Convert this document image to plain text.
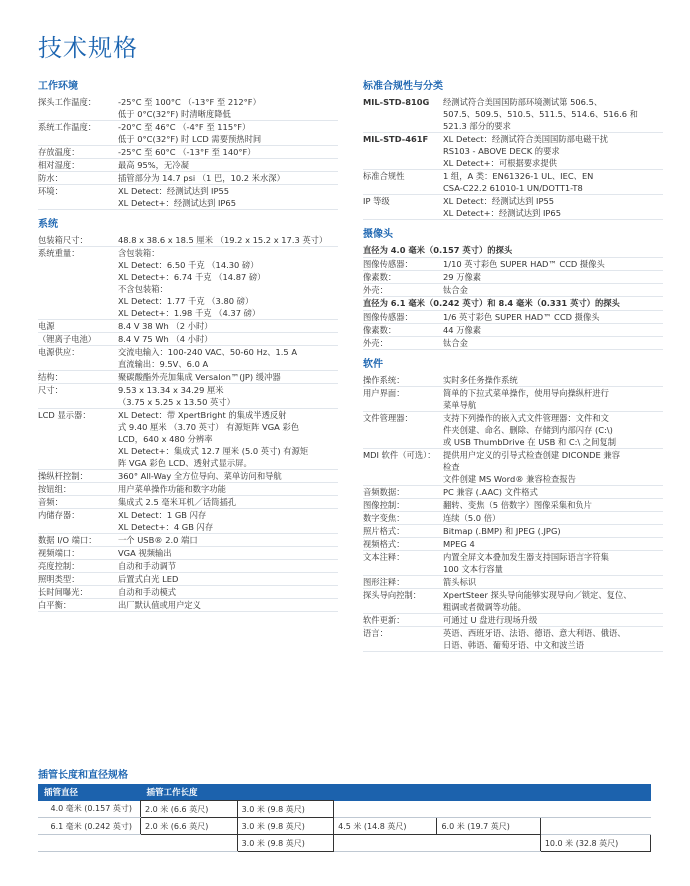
技术规格
工作环境
探头工作温度：	-25°C 至 100°C （-13°F 至 212°F）
低于 0°C(32°F) 时清晰度降低
系统工作温度：	-20°C 至 46°C （-4°F 至 115°F）
低于 0°C(32°F) 时 LCD 需要预热时间
存放温度：	-25°C 至 60°C （-13°F 至 140°F）
相对湿度：	最高 95%，无冷凝
防水：	插管部分为 14.7 psi （1 巴，10.2 米水深）
环境：	XL Detect：经测试达到 IP55
XL Detect+：经测试达到 IP65
系统
包装箱尺寸：	48.8 x 38.6 x 18.5 厘米 （19.2 x 15.2 x 17.3 英寸）
系统重量：	含包装箱：
XL Detect：6.50 千克 （14.30 磅）
XL Detect+：6.74 千克 （14.87 磅）
不含包装箱：
XL Detect：1.77 千克 （3.80 磅）
XL Detect+：1.98 千克 （4.37 磅）
电源	8.4 V 38 Wh （2 小时）
（锂离子电池）	8.4 V 75 Wh （4 小时）
电源供应：	交流电输入：100-240 VAC、50-60 Hz、1.5 A
直流输出：9.5V、6.0 A
结构：	聚碳酸酯外壳加集成 Versalon™(JP) 缓冲器
尺寸：	9.53 x 13.34 x 34.29 厘米
（3.75 x 5.25 x 13.50 英寸）
LCD 显示器：	XL Detect：带 XpertBright 的集成半透反射
式 9.40 厘米 （3.70 英寸） 有源矩阵 VGA 彩色
LCD，640 x 480 分辨率
XL Detect+：集成式 12.7 厘米 (5.0 英寸) 有源矩
阵 VGA 彩色 LCD、透射式显示屏。
操纵杆控制：	360° All-Way 全方位导向、菜单访问和导航
按钮组：	用户菜单操作功能和数字功能
音频：	集成式 2.5 毫米耳机／话筒插孔
内储存器：	XL Detect：1 GB 闪存
XL Detect+：4 GB 闪存
数据 I/O 端口：	一个 USB® 2.0 端口
视频端口：	VGA 视频输出
亮度控制：	自动和手动调节
照明类型：	后置式白光 LED
长时间曝光：	自动和手动模式
白平衡：	出厂默认值或用户定义
标准合规性与分类
MIL-STD-810G	经测试符合美国国防部环境测试第 506.5、
507.5、509.5、510.5、511.5、514.6、516.6 和
521.3 部分的要求
MIL-STD-461F	XL Detect：经测试符合美国国防部电磁干扰
RS103 - ABOVE DECK 的要求
XL Detect+：可根据要求提供
标准合规性	1 组，A 类：EN61326-1 UL、IEC、EN
CSA-C22.2 61010-1 UN/DOTT1-T8
IP 等级	XL Detect：经测试达到 IP55
XL Detect+：经测试达到 IP65
摄像头
直径为 4.0 毫米（0.157 英寸）的探头
图像传感器：	1/10 英寸彩色 SUPER HAD™ CCD 摄像头
像素数：	29 万像素
外壳：	钛合金
直径为 6.1 毫米（0.242 英寸）和 8.4 毫米（0.331 英寸）的探头
图像传感器：	1/6 英寸彩色 SUPER HAD™ CCD 摄像头
像素数：	44 万像素
外壳：	钛合金
软件
操作系统：	实时多任务操作系统
用户界面：	简单的下拉式菜单操作，使用导向操纵杆进行
菜单导航
文件管理器：	支持下列操作的嵌入式文件管理器：文件和文
件夹创建、命名、删除、存储到内部闪存 (C:\)
或 USB ThumbDrive 在 USB 和 C:\ 之间复制
MDI 软件（可选）： 提供用户定义的引导式检查创建 DICONDE 兼容
检查
文件创建 MS Word® 兼容检查报告
音频数据：	PC 兼容 (.AAC) 文件格式
图像控制：	翻转、变焦（5 倍数字）图像采集和负片
数字变焦：	连续（5.0 倍）
照片格式：	Bitmap (.BMP) 和 JPEG (.JPG)
视频格式：	MPEG 4
文本注释：	内置全屏文本叠加发生器支持国际语言字符集
100 文本行容量
图形注释：	箭头标识
探头导向控制：	XpertSteer 探头导向能够实现导向／锁定、复位、
粗调或者微调等功能。
软件更新：	可通过 U 盘进行现场升级
语言：	英语、西班牙语、法语、德语、意大利语、俄语、
日语、韩语、葡萄牙语、中文和波兰语
插管长度和直径规格
插管直径	插管工作长度				
4.0 毫米 (0.157 英寸)	2.0 米 (6.6 英尺)	3.0 米 (9.8 英尺)			
6.1 毫米 (0.242 英寸)	2.0 米 (6.6 英尺)	3.0 米 (9.8 英尺)	4.5 米 (14.8 英尺)	6.0 米 (19.7 英尺)	
		3.0 米 (9.8 英尺)			10.0 米 (32.8 英尺)
